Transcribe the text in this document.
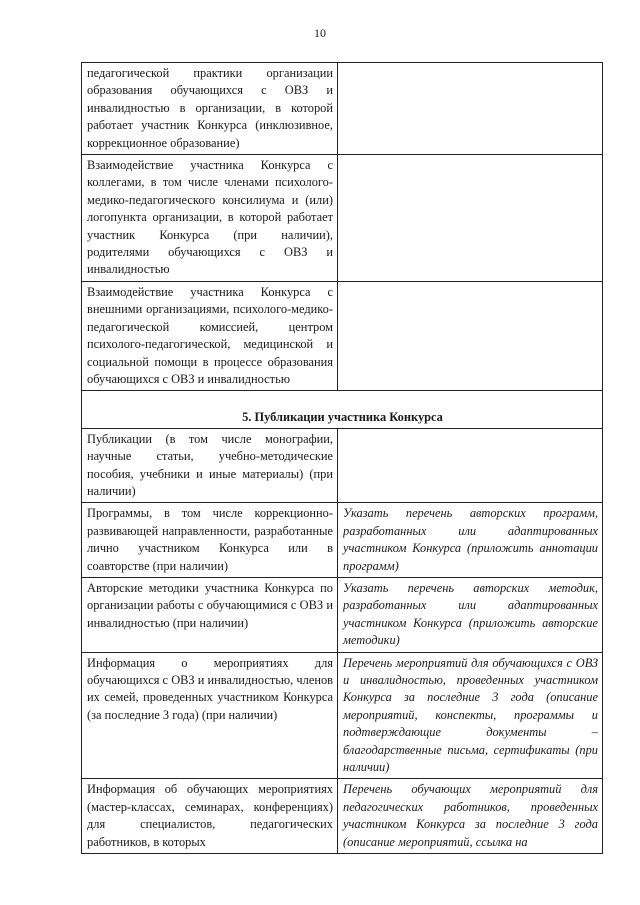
10
педагогической практики организации образования обучающихся с ОВЗ и инвалидностью в организации, в которой работает участник Конкурса (инклюзивное, коррекционное образование)	
Взаимодействие участника Конкурса с коллегами, в том числе членами психолого-медико-педагогического консилиума и (или) логопункта организации, в которой работает участник Конкурса (при наличии), родителями обучающихся с ОВЗ и инвалидностью	
Взаимодействие участника Конкурса с внешними организациями, психолого-медико-педагогической комиссией, центром психолого-педагогической, медицинской и социальной помощи в процессе образования обучающихся с ОВЗ и инвалидностью	
5. Публикации участника Конкурса	
Публикации (в том числе монографии, научные статьи, учебно-методические пособия, учебники и иные материалы) (при наличии)	
Программы, в том числе коррекционно-развивающей направленности, разработанные лично участником Конкурса или в соавторстве (при наличии)	Указать перечень авторских программ, разработанных или адаптированных участником Конкурса (приложить аннотации программ)
Авторские методики участника Конкурса по организации работы с обучающимися с ОВЗ и инвалидностью (при наличии)	Указать перечень авторских методик, разработанных или адаптированных участником Конкурса (приложить авторские методики)
Информация о мероприятиях для обучающихся с ОВЗ и инвалидностью, членов их семей, проведенных участником Конкурса (за последние 3 года) (при наличии)	Перечень мероприятий для обучающихся с ОВЗ и инвалидностью, проведенных участником Конкурса за последние 3 года (описание мероприятий, конспекты, программы и подтверждающие документы – благодарственные письма, сертификаты (при наличии)
Информация об обучающих мероприятиях (мастер-классах, семинарах, конференциях) для специалистов, педагогических работников, в которых	Перечень обучающих мероприятий для педагогических работников, проведенных участником Конкурса за последние 3 года (описание мероприятий, ссылка на
